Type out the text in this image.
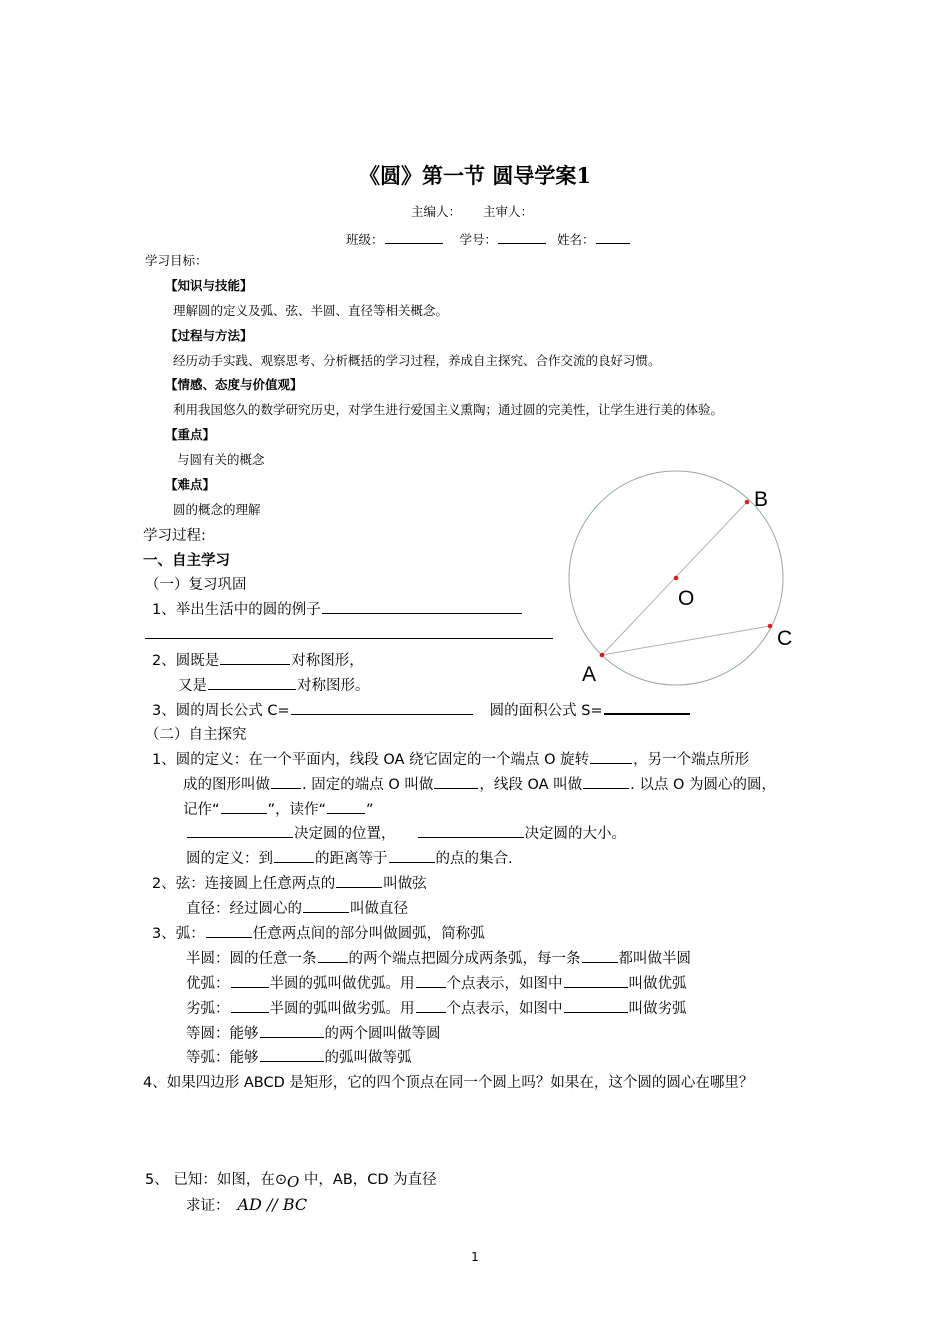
《圆》第一节 圆导学案1
主编人： 主审人：
班级：	学号：	姓名：
学习目标：
【知识与技能】
理解圆的定义及弧、弦、半圆、直径等相关概念。
【过程与方法】
经历动手实践、观察思考、分析概括的学习过程，养成自主探究、合作交流的良好习惯。
【情感、态度与价值观】
利用我国悠久的数学研究历史，对学生进行爱国主义熏陶；通过圆的完美性，让学生进行美的体验。
【重点】
与圆有关的概念
【难点】
圆的概念的理解	B
O
C
A
学习过程:
一、自主学习
（一）复习巩固
1、举出生活中的圆的例子
2、圆既是	对称图形，
又是	对称图形。
3、圆的周长公式 C=	圆的面积公式 S=
（二）自主探究
1、圆的定义：在一个平面内，线段 OA 绕它固定的一个端点 O 旋转	，另一个端点所形
成的图形叫做 . 固定的端点 O 叫做	，线段 OA 叫做	. 以点 O 为圆心的圆，
记作“	”，读作“	”
决定圆的位置，	决定圆的大小。
圆的定义：到	的距离等于	的点的集合.
2、弦：连接圆上任意两点的	叫做弦
直径：经过圆心的	叫做直径
3、弧：	任意两点间的部分叫做圆弧，简称弧
半圆：圆的任意一条 的两个端点把圆分成两条弧，每一条	都叫做半圆
优弧：	半圆的弧叫做优弧。用 个点表示，如图中	叫做优弧
劣弧：	半圆的弧叫做劣弧。用 个点表示，如图中	叫做劣弧
等圆：能够	的两个圆叫做等圆
等弧：能够	的弧叫做等弧
4、如果四边形 ABCD 是矩形，它的四个顶点在同一个圆上吗？如果在，这个圆的圆心在哪里？
5、 已知：如图，在⊙O 中，AB，CD 为直径
求证： AD // BC
1
